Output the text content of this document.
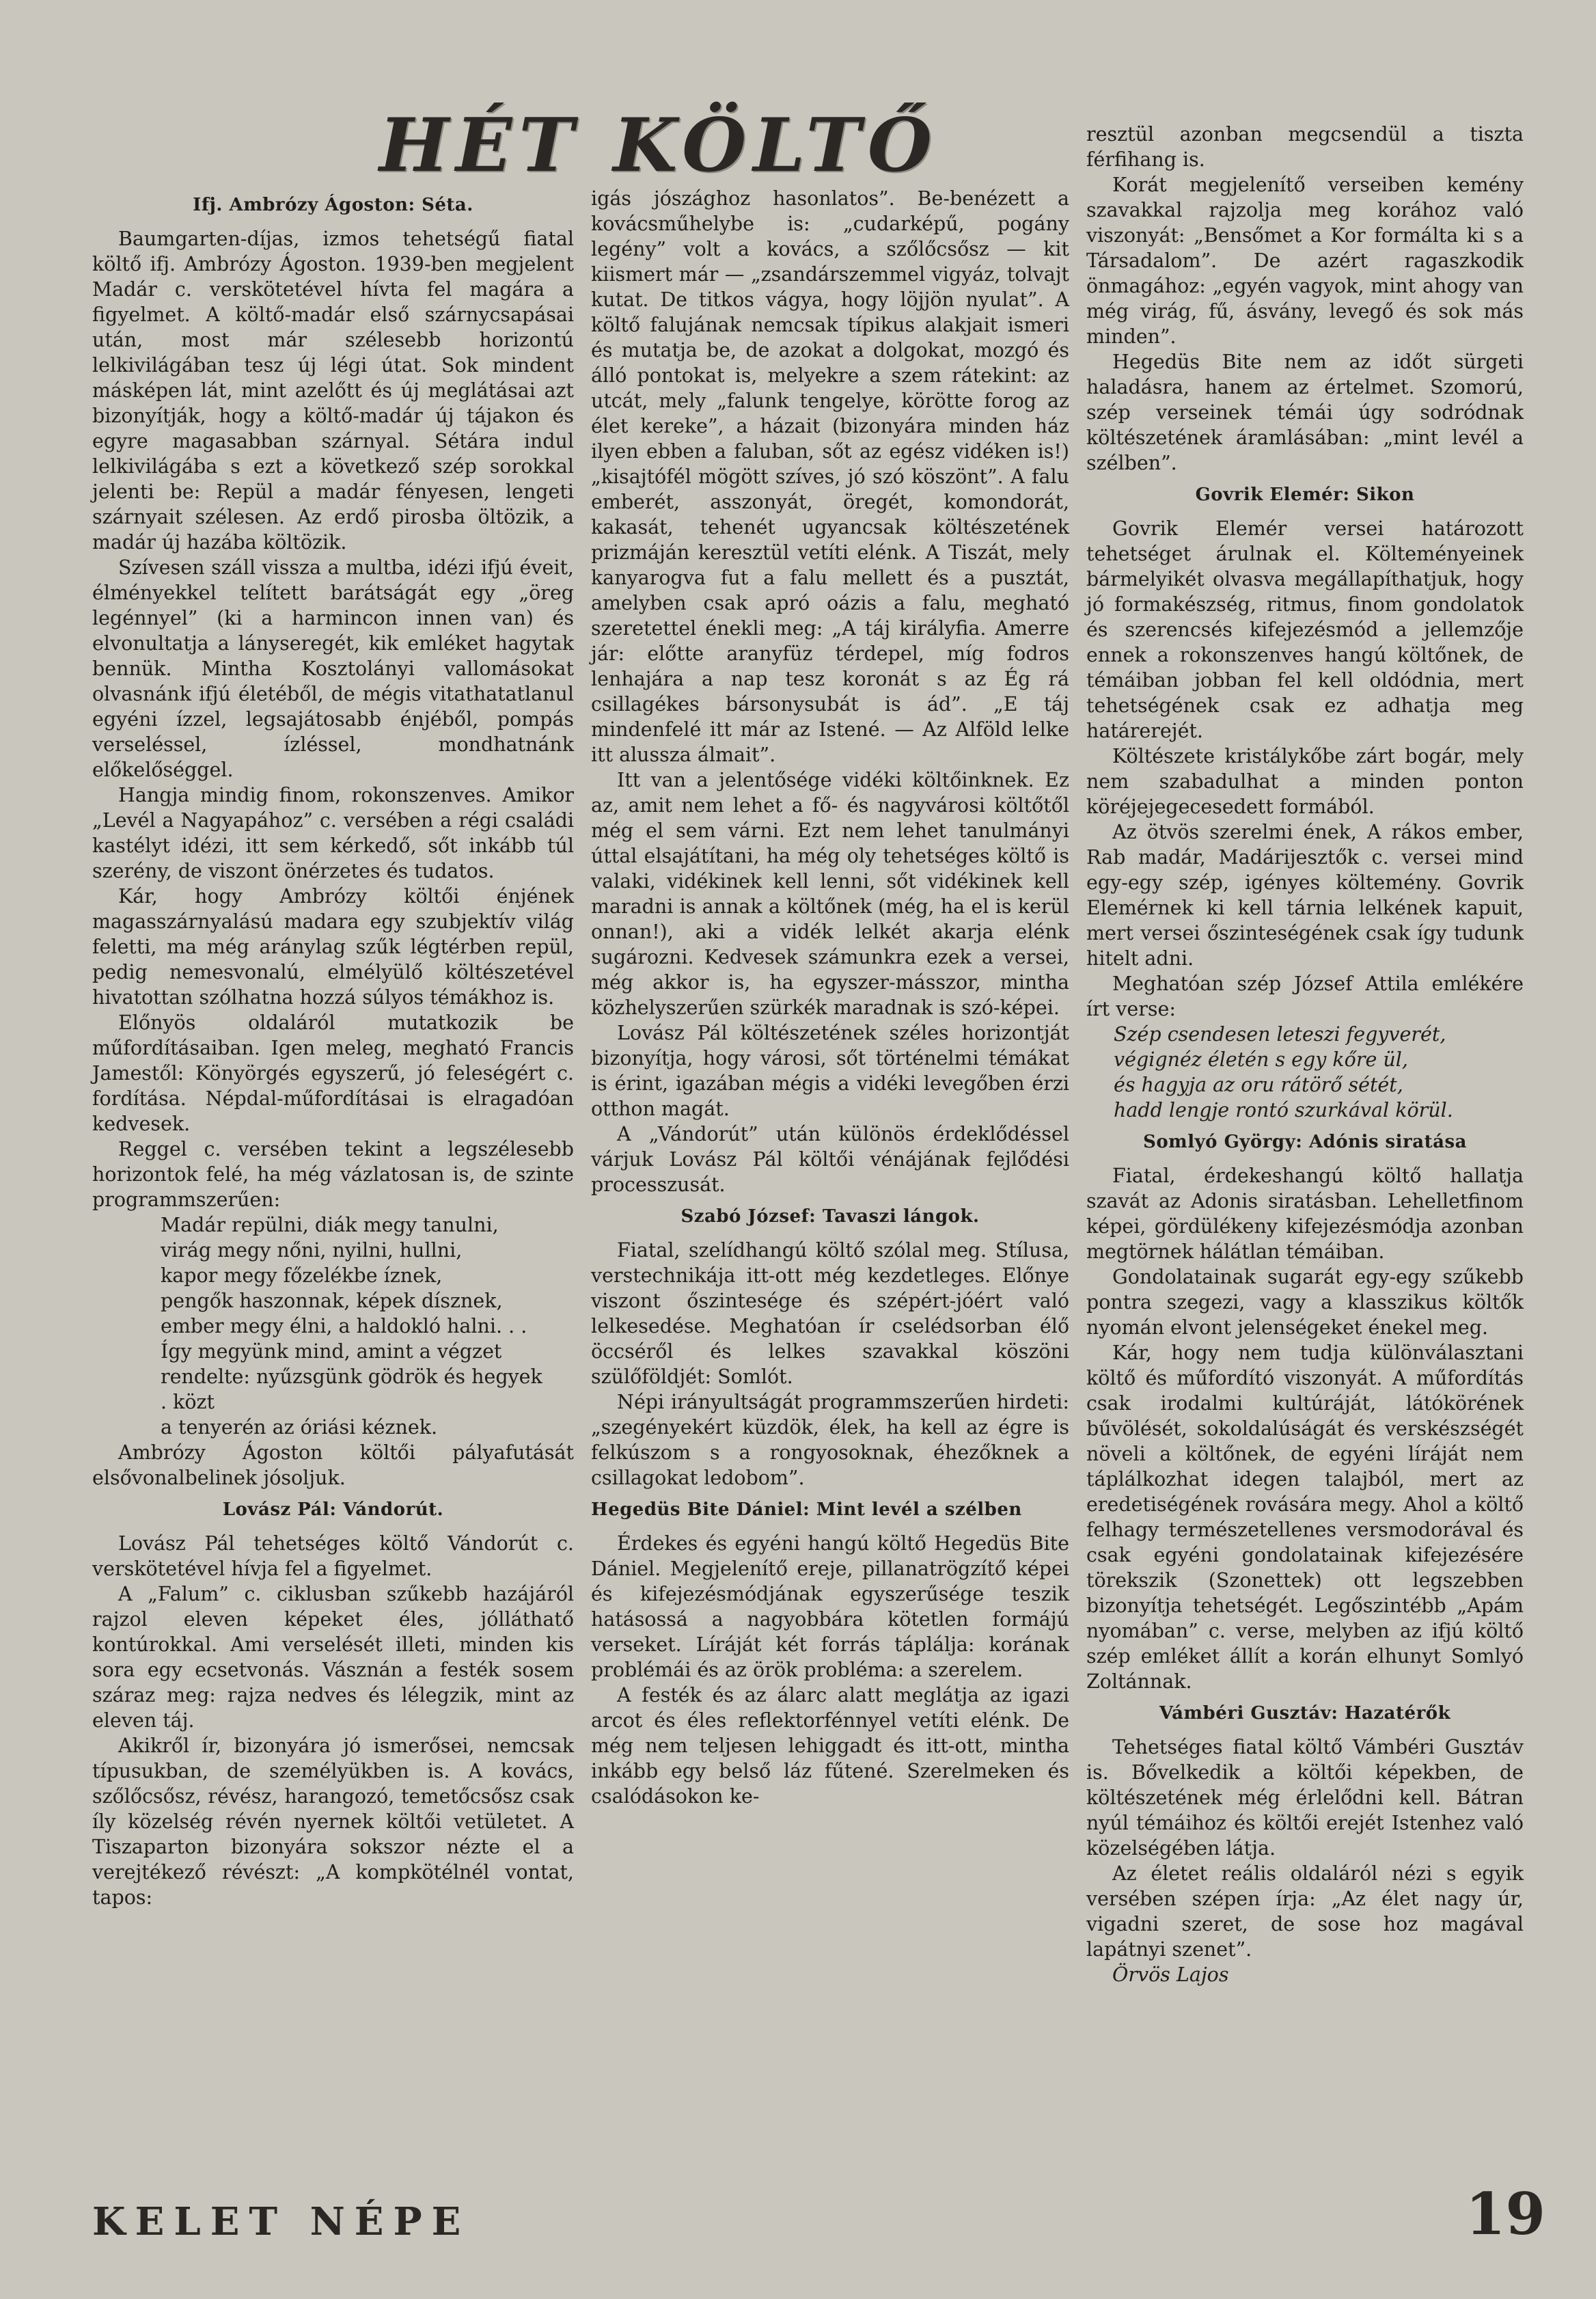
HÉT KÖLTŐ
Ifj. Ambrózy Ágoston: Séta.

Baumgarten-díjas, izmos tehetségű fiatal költő ifj. Ambrózy Ágoston. 1939-ben megjelent Madár c. verskötetével hívta fel magára a figyelmet. A költő-madár első szárnycsapásai után, most már szélesebb horizontú lelkivilágában tesz új légi útat. Sok mindent másképen lát, mint azelőtt és új meglátásai azt bizonyítják, hogy a költő-madár új tájakon és egyre magasabban szárnyal. Sétára indul lelkivilágába s ezt a következő szép sorokkal jelenti be: Repül a madár fényesen, lengeti szárnyait szélesen. Az erdő pirosba öltözik, a madár új hazába költözik.

Szívesen száll vissza a multba, idézi ifjú éveit, élményekkel telített barátságát egy „öreg legénnyel” (ki a harmincon innen van) és elvonultatja a lányseregét, kik emléket hagytak bennük. Mintha Kosztolányi vallomásokat olvasnánk ifjú életéből, de mégis vitathatatlanul egyéni ízzel, legsajátosabb énjéből, pompás verseléssel, ízléssel, mondhatnánk előkelőséggel.

Hangja mindig finom, rokonszenves. Amikor „Levél a Nagyapához” c. versében a régi családi kastélyt idézi, itt sem kérkedő, sőt inkább túl szerény, de viszont önérzetes és tudatos.

Kár, hogy Ambrózy költői énjének magasszárnyalású madara egy szubjektív világ feletti, ma még aránylag szűk légtérben repül, pedig nemesvonalú, elmélyülő költészetével hivatottan szólhatna hozzá súlyos témákhoz is.

Előnyös oldaláról mutatkozik be műfordításaiban. Igen meleg, megható Francis Jamestől: Könyörgés egyszerű, jó feleségért c. fordítása. Népdal-műfordításai is elragadóan kedvesek.

Reggel c. versében tekint a legszélesebb horizontok felé, ha még vázlatosan is, de szinte programmszerűen:

Madár repülni, diák megy tanulni,
virág megy nőni, nyilni, hullni,
kapor megy főzelékbe íznek,
pengők haszonnak, képek dísznek,
ember megy élni, a haldokló halni. . .
Így megyünk mind, amint a végzet
rendelte: nyűzsgünk gödrök és hegyek
. közt
a tenyerén az óriási kéznek.

Ambrózy Ágoston költői pályafutását elsővonalbelinek jósoljuk.

Lovász Pál: Vándorút.

Lovász Pál tehetséges költő Vándorút c. verskötetével hívja fel a figyelmet.

A „Falum” c. ciklusban szűkebb hazájáról rajzol eleven képeket éles, jólláthatő kontúrokkal. Ami verselését illeti, minden kis sora egy ecsetvonás. Vásznán a festék sosem száraz meg: rajza nedves és lélegzik, mint az eleven táj.

Akikről ír, bizonyára jó ismerősei, nemcsak típusukban, de személyükben is. A kovács, szőlőcsősz, révész, harangozó, temetőcsősz csak íly közelség révén nyernek költői vetületet. A Tiszaparton bizonyára sokszor nézte el a verejtékező révészt: „A kompkötélnél vontat, tapos:

igás jószághoz hasonlatos”. Be-benézett a kovácsműhelybe is: „cudarképű, pogány legény” volt a kovács, a szőlőcsősz — kit kiismert már — „zsandárszemmel vigyáz, tolvajt kutat. De titkos vágya, hogy löjjön nyulat”. A költő falujának nemcsak típikus alakjait ismeri és mutatja be, de azokat a dolgokat, mozgó és álló pontokat is, melyekre a szem rátekint: az utcát, mely „falunk tengelye, körötte forog az élet kereke”, a házait (bizonyára minden ház ilyen ebben a faluban, sőt az egész vidéken is!) „kisajtófél mögött szíves, jó szó köszönt”. A falu emberét, asszonyát, öregét, komondorát, kakasát, tehenét ugyancsak költészetének prizmáján keresztül vetíti elénk. A Tiszát, mely kanyarogva fut a falu mellett és a pusztát, amelyben csak apró oázis a falu, megható szeretettel énekli meg: „A táj királyfia. Amerre jár: előtte aranyfüz térdepel, míg fodros lenhajára a nap tesz koronát s az Ég rá csillagékes bársonysubát is ád”. „E táj mindenfelé itt már az Istené. — Az Alföld lelke itt alussza álmait”.

Itt van a jelentősége vidéki költőinknek. Ez az, amit nem lehet a fő- és nagyvárosi költőtől még el sem várni. Ezt nem lehet tanulmányi úttal elsajátítani, ha még oly tehetséges költő is valaki, vidékinek kell lenni, sőt vidékinek kell maradni is annak a költőnek (még, ha el is kerül onnan!), aki a vidék lelkét akarja elénk sugározni. Kedvesek számunkra ezek a versei, még akkor is, ha egyszer-másszor, mintha közhelyszerűen szürkék maradnak is szó-képei.

Lovász Pál költészetének széles horizontját bizonyítja, hogy városi, sőt történelmi témákat is érint, igazában mégis a vidéki levegőben érzi otthon magát.

A „Vándorút” után különös érdeklődéssel várjuk Lovász Pál költői vénájának fejlődési processzusát.

Szabó József: Tavaszi lángok.

Fiatal, szelídhangú költő szólal meg. Stílusa, verstechnikája itt-ott még kezdetleges. Előnye viszont őszintesége és szépért-jóért való lelkesedése. Meghatóan ír cselédsorban élő öccséről és lelkes szavakkal köszöni szülőföldjét: Somlót.

Népi irányultságát programmszerűen hirdeti: „szegényekért küzdök, élek, ha kell az égre is felkúszom s a rongyosoknak, éhezőknek a csillagokat ledobom”.

Hegedüs Bite Dániel: Mint levél a szélben

Érdekes és egyéni hangú költő Hegedüs Bite Dániel. Megjelenítő ereje, pillanatrögzítő képei és kifejezésmódjának egyszerűsége teszik hatásossá a nagyobbára kötetlen formájú verseket. Líráját két forrás táplálja: korának problémái és az örök probléma: a szerelem.

A festék és az álarc alatt meglátja az igazi arcot és éles reflektorfénnyel vetíti elénk. De még nem teljesen lehiggadt és itt-ott, mintha inkább egy belső láz fűtené. Szerelmeken és csalódásokon ke-

resztül azonban megcsendül a tiszta férfihang is.

Korát megjelenítő verseiben kemény szavakkal rajzolja meg korához való viszonyát: „Bensőmet a Kor formálta ki s a Társadalom”. De azért ragaszkodik önmagához: „egyén vagyok, mint ahogy van még virág, fű, ásvány, levegő és sok más minden”.

Hegedüs Bite nem az időt sürgeti haladásra, hanem az értelmet. Szomorú, szép verseinek témái úgy sodródnak költészetének áramlásában: „mint levél a szélben”.

Govrik Elemér: Sikon

Govrik Elemér versei határozott tehetséget árulnak el. Költeményeinek bármelyikét olvasva megállapíthatjuk, hogy jó formakészség, ritmus, finom gondolatok és szerencsés kifejezésmód a jellemzője ennek a rokonszenves hangú költőnek, de témáiban jobban fel kell oldódnia, mert tehetségének csak ez adhatja meg határerejét.

Költészete kristálykőbe zárt bogár, mely nem szabadulhat a minden ponton köréjejegecesedett formából.

Az ötvös szerelmi ének, A rákos ember, Rab madár, Madárijesztők c. versei mind egy-egy szép, igényes költemény. Govrik Elemérnek ki kell tárnia lelkének kapuit, mert versei őszinteségének csak így tudunk hitelt adni.

Meghatóan szép József Attila emlékére írt verse:

Szép csendesen leteszi fegyverét,
végignéz életén s egy kőre ül,
és hagyja az oru rátörő sétét,
hadd lengje rontó szurkával körül.
Somlyó György: Adónis siratása

Fiatal, érdekeshangú költő hallatja szavát az Adonis siratásban. Lehelletfinom képei, gördülékeny kifejezésmódja azonban megtörnek hálátlan témáiban.

Gondolatainak sugarát egy-egy szűkebb pontra szegezi, vagy a klasszikus költők nyomán elvont jelenségeket énekel meg.

Kár, hogy nem tudja különválasztani költő és műfordító viszonyát. A műfordítás csak irodalmi kultúráját, látókörének bűvölését, sokoldalúságát és verskészségét növeli a költőnek, de egyéni líráját nem táplálkozhat idegen talajból, mert az eredetiségének rovására megy. Ahol a költő felhagy természetellenes versmodorával és csak egyéni gondolatainak kifejezésére törekszik (Szonettek) ott legszebben bizonyítja tehetségét. Legőszintébb „Apám nyomában” c. verse, melyben az ifjú költő szép emléket állít a korán elhunyt Somlyó Zoltánnak.

Vámbéri Gusztáv: Hazatérők

Tehetséges fiatal költő Vámbéri Gusztáv is. Bővelkedik a költői képekben, de költészetének még érlelődni kell. Bátran nyúl témáihoz és költői erejét Istenhez való közelségében látja.

Az életet reális oldaláról nézi s egyik versében szépen írja: „Az élet nagy úr, vigadni szeret, de sose hoz magával lapátnyi szenet”.

Örvös Lajos

KELET NÉPE	19
